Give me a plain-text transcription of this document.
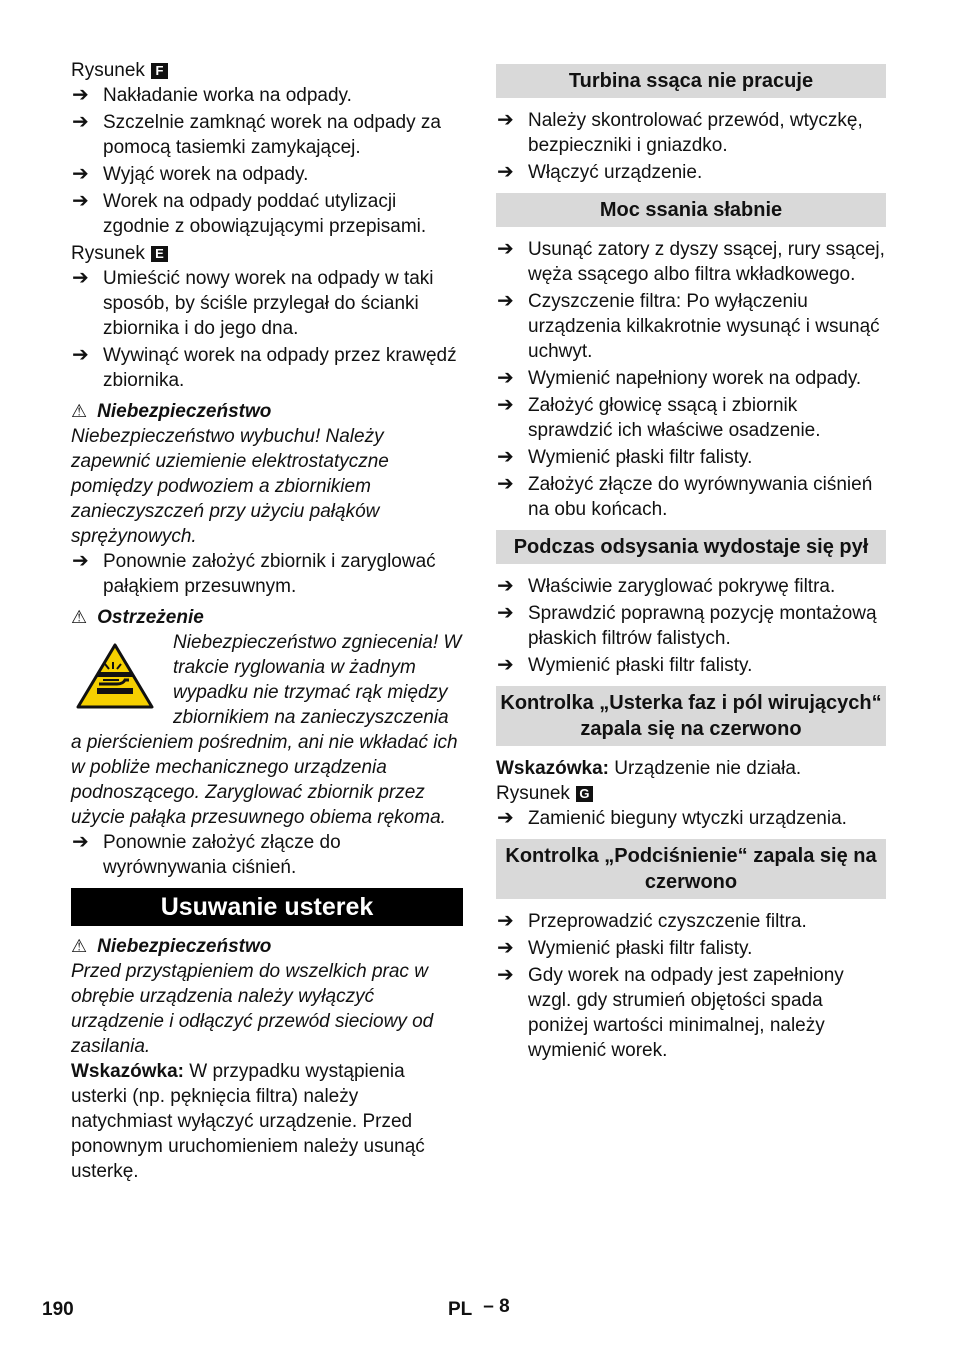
Rysunek F
➔ Nakładanie worka na odpady.
➔ Szczelnie zamknąć worek na odpady za pomocą tasiemki zamykającej.
➔ Wyjąć worek na odpady.
➔ Worek na odpady poddać utylizacji zgodnie z obowiązującymi przepisami.
Rysunek E
➔ Umieścić nowy worek na odpady w taki sposób, by ściśle przylegał do ścianki zbiornika i do jego dna.
➔ Wywinąć worek na odpady przez krawędź zbiornika.
⚠ Niebezpieczeństwo

Niebezpieczeństwo wybuchu! Należy zapewnić uziemienie elektrostatyczne pomiędzy podwoziem a zbiornikiem zanieczyszczeń przy użyciu pałąków sprężynowych.

➔ Ponownie założyć zbiornik i zaryglować pałąkiem przesuwnym.
⚠ Ostrzeżenie

Niebezpieczeństwo zgniecenia! W trakcie ryglowania w żadnym wypadku nie trzymać rąk między zbiornikiem na zanieczyszczenia a pierścieniem pośrednim, ani nie wkładać ich w pobliże mechanicznego urządzenia podnoszącego. Zaryglować zbiornik przez użycie pałąka przesuwnego obiema rękoma.

➔ Ponownie założyć złącze do wyrównywania ciśnień.
Usuwanie usterek
⚠ Niebezpieczeństwo

Przed przystąpieniem do wszelkich prac w obrębie urządzenia należy wyłączyć urządzenie i odłączyć przewód sieciowy od zasilania.

Wskazówka: W przypadku wystąpienia usterki (np. pęknięcia filtra) należy natychmiast wyłączyć urządzenie. Przed ponownym uruchomieniem należy usunąć usterkę.

Turbina ssąca nie pracuje
➔ Należy skontrolować przewód, wtyczkę, bezpieczniki i gniazdko.
➔ Włączyć urządzenie.
Moc ssania słabnie
➔ Usunąć zatory z dyszy ssącej, rury ssącej, węża ssącego albo filtra wkładkowego.
➔ Czyszczenie filtra: Po wyłączeniu urządzenia kilkakrotnie wysunąć i wsunąć uchwyt.
➔ Wymienić napełniony worek na odpady.
➔ Założyć głowicę ssącą i zbiornik sprawdzić ich właściwe osadzenie.
➔ Wymienić płaski filtr falisty.
➔ Założyć złącze do wyrównywania ciśnień na obu końcach.
Podczas odsysania wydostaje się pył
➔ Właściwie zaryglować pokrywę filtra.
➔ Sprawdzić poprawną pozycję montażową płaskich filtrów falistych.
➔ Wymienić płaski filtr falisty.
Kontrolka „Usterka faz i pól wirujących“ zapala się na czerwono

Wskazówka: Urządzenie nie działa.

Rysunek G
➔ Zamienić bieguny wtyczki urządzenia.
Kontrolka „Podciśnienie“ zapala się na czerwono
➔ Przeprowadzić czyszczenie filtra.
➔ Wymienić płaski filtr falisty.
➔ Gdy worek na odpady jest zapełniony wzgl. gdy strumień objętości spada poniżej wartości minimalnej, należy wymienić worek.
190	PL – 8
